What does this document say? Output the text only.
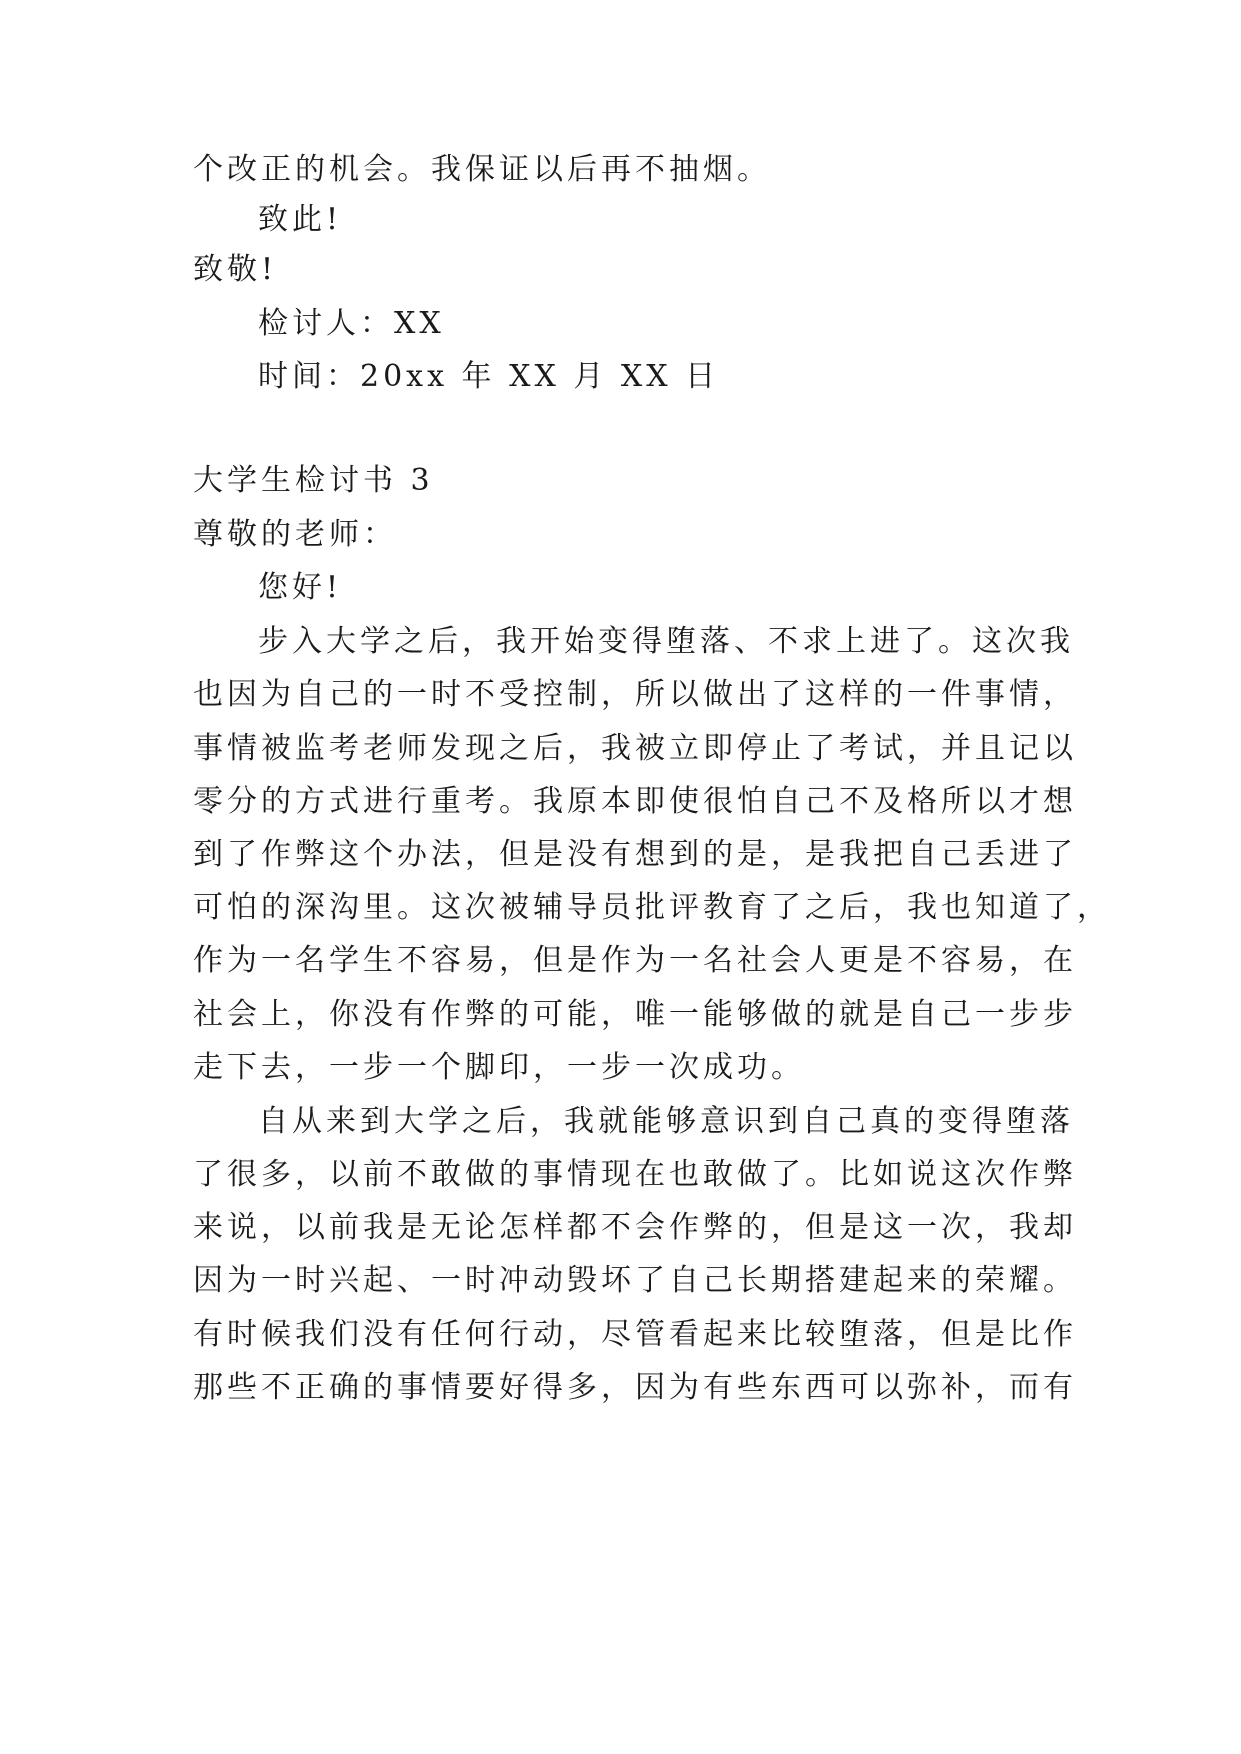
个改正的机会。我保证以后再不抽烟。
致此!
致敬!
检讨人：XX
时间：20xx 年 XX 月 XX 日
大学生检讨书 3
尊敬的老师：
您好!
步入大学之后，我开始变得堕落、不求上进了。这次我
也因为自己的一时不受控制，所以做出了这样的一件事情，
事情被监考老师发现之后，我被立即停止了考试，并且记以
零分的方式进行重考。我原本即使很怕自己不及格所以才想
到了作弊这个办法，但是没有想到的是，是我把自己丢进了
可怕的深沟里。这次被辅导员批评教育了之后，我也知道了，
作为一名学生不容易，但是作为一名社会人更是不容易，在
社会上，你没有作弊的可能，唯一能够做的就是自己一步步
走下去，一步一个脚印，一步一次成功。
自从来到大学之后，我就能够意识到自己真的变得堕落
了很多，以前不敢做的事情现在也敢做了。比如说这次作弊
来说，以前我是无论怎样都不会作弊的，但是这一次，我却
因为一时兴起、一时冲动毁坏了自己长期搭建起来的荣耀。
有时候我们没有任何行动，尽管看起来比较堕落，但是比作
那些不正确的事情要好得多，因为有些东西可以弥补，而有
